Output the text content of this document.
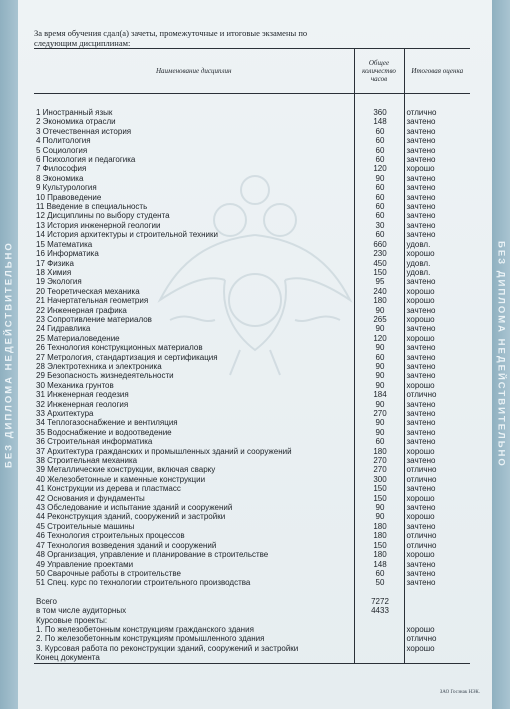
БЕЗ ДИПЛОМА НЕДЕЙСТВИТЕЛЬНО	БЕЗ ДИПЛОМА НЕДЕЙСТВИТЕЛЬНО
За время обучения сдал(а) зачеты, промежуточные и итоговые экзамены по следующим дисциплинам:
Наименование дисциплин	Общее количество часов	Итоговая оценка

1 Иностранный язык	360	отлично
2 Экономика отрасли	148	зачтено
3 Отечественная история	60	зачтено
4 Политология	60	зачтено
5 Социология	60	зачтено
6 Психология и педагогика	60	зачтено
7 Философия	120	хорошо
8 Экономика	90	зачтено
9 Культурология	60	зачтено
10 Правоведение	60	зачтено
11 Введение в специальность	60	зачтено
12 Дисциплины по выбору студента	60	зачтено
13 История инженерной геологии	30	зачтено
14 История архитектуры и строительной техники	60	зачтено
15 Математика	660	удовл.
16 Информатика	230	хорошо
17 Физика	450	удовл.
18 Химия	150	удовл.
19 Экология	95	зачтено
20 Теоретическая механика	240	хорошо
21 Начертательная геометрия	180	хорошо
22 Инженерная графика	90	зачтено
23 Сопротивление материалов	265	хорошо
24 Гидравлика	90	зачтено
25 Материаловедение	120	хорошо
26 Технология конструкционных материалов	90	зачтено
27 Метрология, стандартизация и сертификация	60	зачтено
28 Электротехника и электроника	90	зачтено
29 Безопасность жизнедеятельности	90	зачтено
30 Механика грунтов	90	хорошо
31 Инженерная геодезия	184	отлично
32 Инженерная геология	90	зачтено
33 Архитектура	270	зачтено
34 Теплогазоснабжение и вентиляция	90	зачтено
35 Водоснабжение и водоотведение	90	зачтено
36 Строительная информатика	60	зачтено
37 Архитектура гражданских и промышленных зданий и сооружений	180	хорошо
38 Строительная механика	270	зачтено
39 Металлические конструкции, включая сварку	270	отлично
40 Железобетонные и каменные конструкции	300	отлично
41 Конструкции из дерева и пластмасс	150	зачтено
42 Основания и фундаменты	150	хорошо
43 Обследование и испытание зданий и сооружений	90	зачтено
44 Реконструкция зданий, сооружений и застройки	90	хорошо
45 Строительные машины	180	зачтено
46 Технология строительных процессов	180	отлично
47 Технология возведения зданий и сооружений	150	отлично
48 Организация, управление и планирование в строительстве	180	хорошо
49 Управление проектами	148	зачтено
50 Сварочные работы в строительстве	60	зачтено
51 Спец. курс по технологии строительного производства	50	зачтено

Всего	7272	
в том числе аудиторных	4433	
Курсовые проекты:		
1. По железобетонным конструкциям гражданского здания		хорошо
2. По железобетонным конструкциям промышленного здания		отлично
3. Курсовая работа по реконструкции зданий, сооружений и застройки		хорошо
Конец документа		
ЗАО Госзнак НЭК.
